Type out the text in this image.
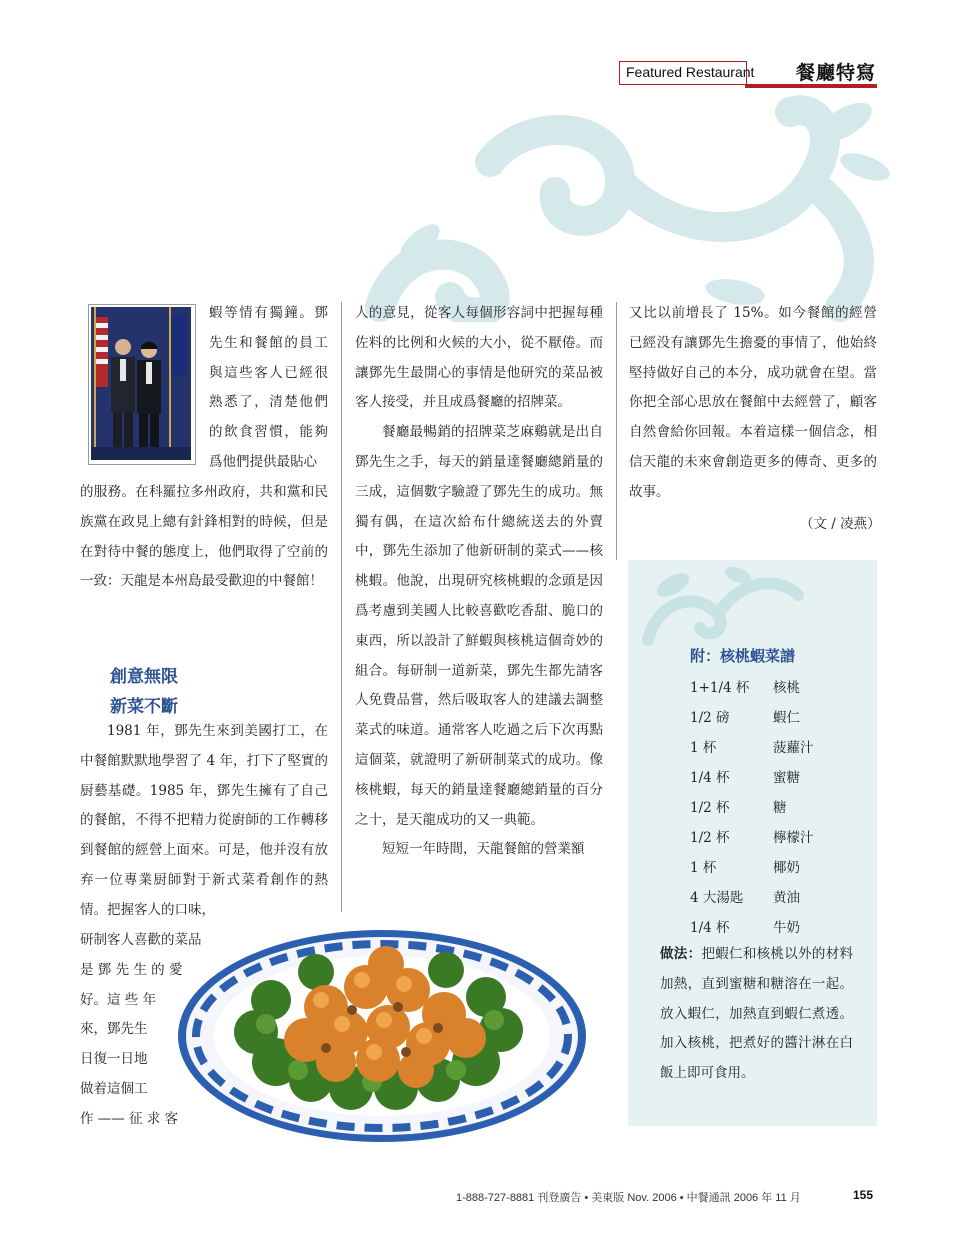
Featured Restaurant 餐廳特寫

蝦等情有獨鐘。鄧先生和餐館的員工與這些客人已經很熟悉了，清楚他們的飲食習慣，能夠爲他們提供最貼心

的服務。在科羅拉多州政府，共和黨和民族黨在政見上總有針鋒相對的時候，但是在對待中餐的態度上，他們取得了空前的一致：天龍是本州島最受歡迎的中餐館！

創意無限
新菜不斷

1981 年，鄧先生來到美國打工，在中餐館默默地學習了 4 年，打下了堅實的厨藝基礎。1985 年，鄧先生擁有了自己的餐館，不得不把精力從廚師的工作轉移到餐館的經營上面來。可是，他并沒有放弃一位專業厨師對于新式菜肴創作的熱情。把握客人的口味，

研制客人喜歡的菜品
是 鄧 先 生 的 愛
好。這 些 年
來，鄧先生
日復一日地
做着這個工
作 —— 征 求 客

人的意見，從客人每個形容詞中把握每種佐料的比例和火候的大小，從不厭倦。而讓鄧先生最開心的事情是他研究的菜品被客人接受，并且成爲餐廳的招牌菜。

餐廳最暢銷的招牌菜芝麻鷄就是出自鄧先生之手，每天的銷量達餐廳總銷量的三成，這個數字驗證了鄧先生的成功。無獨有偶，在這次給布什總統送去的外賣中，鄧先生添加了他新研制的菜式——核桃蝦。他說，出現研究核桃蝦的念頭是因爲考慮到美國人比較喜歡吃香甜、脆口的東西，所以設計了鮮蝦與核桃這個奇妙的組合。每研制一道新菜，鄧先生都先請客人免費品嘗，然后吸取客人的建議去調整菜式的味道。通常客人吃過之后下次再點這個菜，就證明了新研制菜式的成功。像核桃蝦，每天的銷量達餐廳總銷量的百分之十，是天龍成功的又一典範。

短短一年時間，天龍餐館的營業額

又比以前增長了 15%。如今餐館的經營已經没有讓鄧先生擔憂的事情了，他始終堅持做好自己的本分，成功就會在望。當你把全部心思放在餐館中去經營了，顧客自然會給你回報。本着這樣一個信念，相信天龍的未來會創造更多的傳奇、更多的故事。

（文 / 凌燕）
附：核桃蝦菜譜
1+1/4 杯 核桃
1/2 磅	蝦仁
1 杯	菠蘿汁
1/4 杯	蜜糖
1/2 杯	糖
1/2 杯	檸檬汁
1 杯	椰奶
4 大湯匙 黄油
1/4 杯	牛奶
做法：把蝦仁和核桃以外的材料加熱，直到蜜糖和糖溶在一起。放入蝦仁，加熱直到蝦仁煮透。加入核桃，把煮好的醬汁淋在白飯上即可食用。
1-888-727-8881 刊登廣告 • 美東版 Nov. 2006 • 中餐通訊 2006 年 11 月	155
